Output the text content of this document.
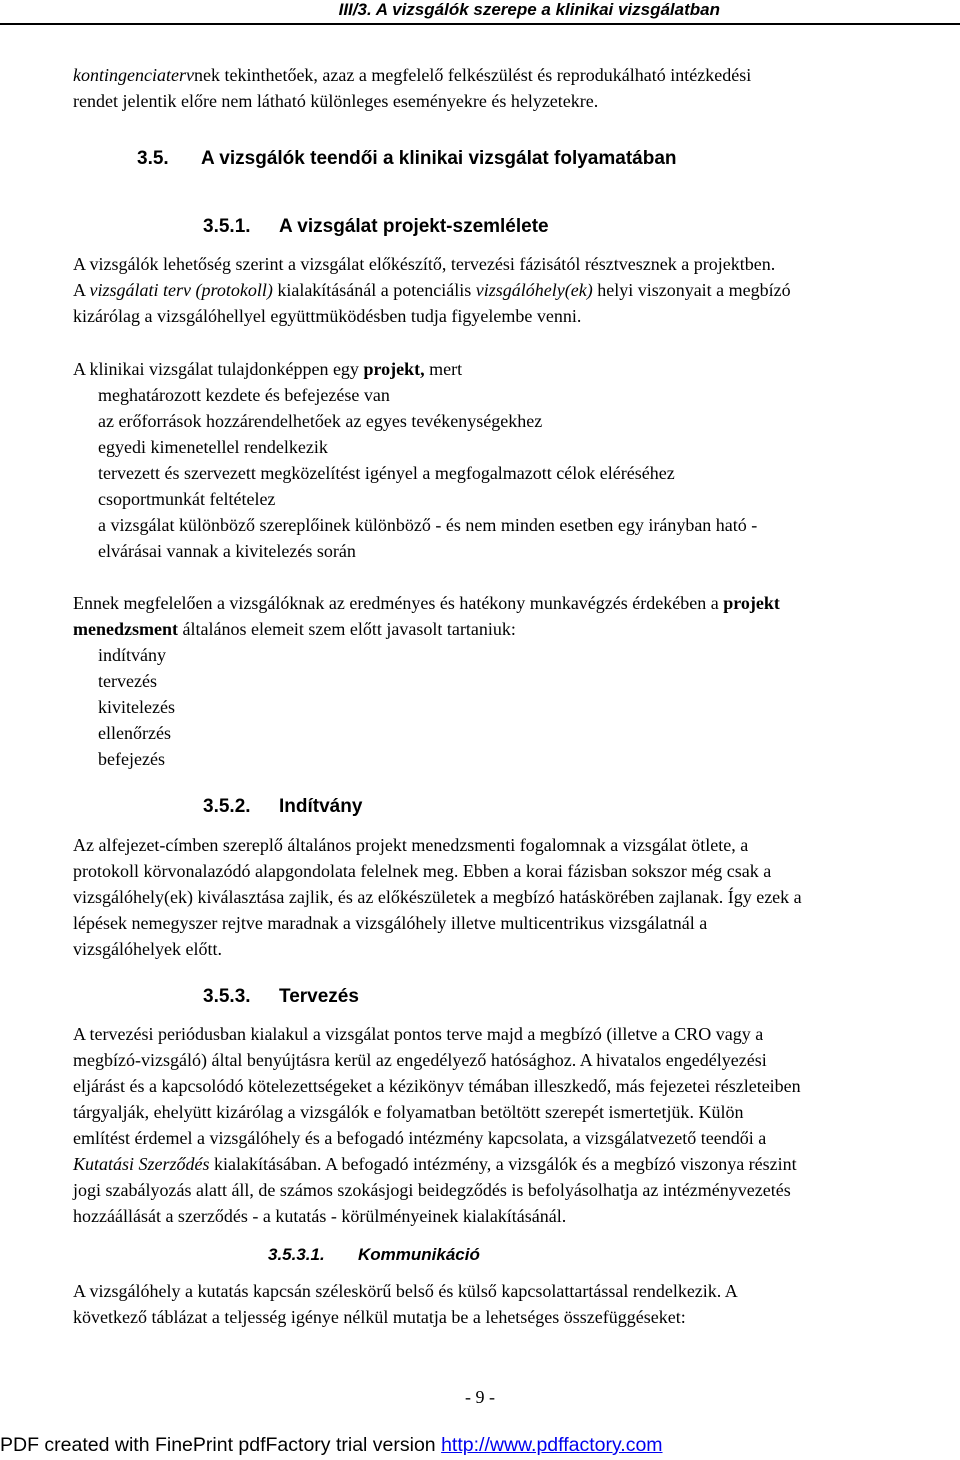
III/3. A vizsgálók szerepe a klinikai vizsgálatban
kontingenciatervnek tekinthetőek, azaz a megfelelő felkészülést és reprodukálható intézkedési
rendet jelentik előre nem látható különleges eseményekre és helyzetekre.
3.5. A vizsgálók teendői a klinikai vizsgálat folyamatában
3.5.1. A vizsgálat projekt-szemlélete
A vizsgálók lehetőség szerint a vizsgálat előkészítő, tervezési fázisától résztvesznek a projektben.
A vizsgálati terv (protokoll) kialakításánál a potenciális vizsgálóhely(ek) helyi viszonyait a megbízó
kizárólag a vizsgálóhellyel együttmüködésben tudja figyelembe venni.
A klinikai vizsgálat tulajdonképpen egy projekt, mert
meghatározott kezdete és befejezése van
az erőforrások hozzárendelhetőek az egyes tevékenységekhez
egyedi kimenetellel rendelkezik
tervezett és szervezett megközelítést igényel a megfogalmazott célok eléréséhez
csoportmunkát feltételez
a vizsgálat különböző szereplőinek különböző - és nem minden esetben egy irányban ható -
elvárásai vannak a kivitelezés során
Ennek megfelelően a vizsgálóknak az eredményes és hatékony munkavégzés érdekében a projekt
menedzsment általános elemeit szem előtt javasolt tartaniuk:
indítvány
tervezés
kivitelezés
ellenőrzés
befejezés
3.5.2. Indítvány
Az alfejezet-címben szereplő általános projekt menedzsmenti fogalomnak a vizsgálat ötlete, a
protokoll körvonalazódó alapgondolata felelnek meg. Ebben a korai fázisban sokszor még csak a
vizsgálóhely(ek) kiválasztása zajlik, és az előkészületek a megbízó hatáskörében zajlanak. Így ezek a
lépések nemegyszer rejtve maradnak a vizsgálóhely illetve multicentrikus vizsgálatnál a
vizsgálóhelyek előtt.
3.5.3. Tervezés
A tervezési periódusban kialakul a vizsgálat pontos terve majd a megbízó (illetve a CRO vagy a
megbízó-vizsgáló) által benyújtásra kerül az engedélyező hatósághoz. A hivatalos engedélyezési
eljárást és a kapcsolódó kötelezettségeket a kézikönyv témában illeszkedő, más fejezetei részleteiben
tárgyalják, ehelyütt kizárólag a vizsgálók e folyamatban betöltött szerepét ismertetjük. Külön
említést érdemel a vizsgálóhely és a befogadó intézmény kapcsolata, a vizsgálatvezető teendői a
Kutatási Szerződés kialakításában. A befogadó intézmény, a vizsgálók és a megbízó viszonya részint
jogi szabályozás alatt áll, de számos szokásjogi beidegződés is befolyásolhatja az intézményvezetés
hozzáállását a szerződés - a kutatás - körülményeinek kialakításánál.
3.5.3.1. Kommunikáció
A vizsgálóhely a kutatás kapcsán széleskörű belső és külső kapcsolattartással rendelkezik. A
következő táblázat a teljesség igénye nélkül mutatja be a lehetséges összefüggéseket:
- 9 -
PDF created with FinePrint pdfFactory trial version http://www.pdffactory.com
